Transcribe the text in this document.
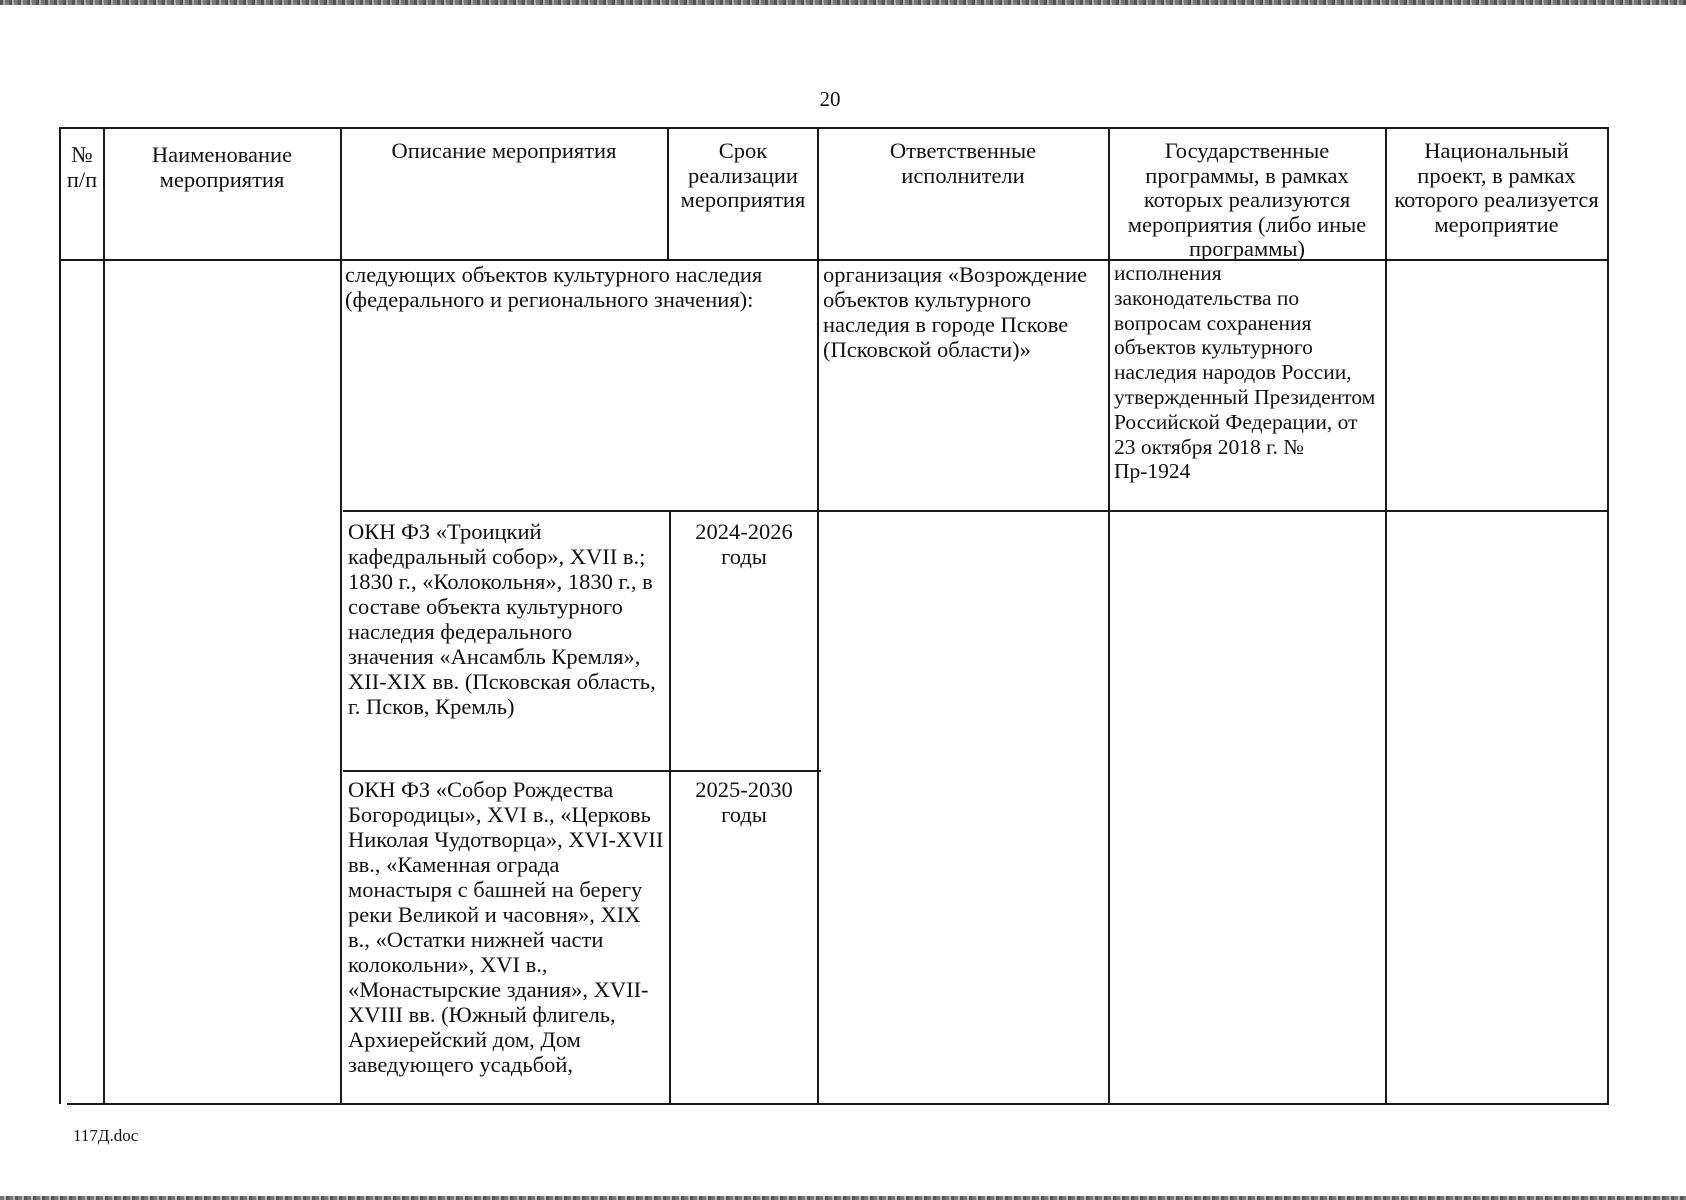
20
№ п/п
Наименование мероприятия
Описание мероприятия	Срок реализации мероприятия
Ответственные исполнители
Государственные программы, в рамках которых реализуются мероприятия (либо иные программы)
Национальный проект, в рамках которого реализуется мероприятие
следующих объектов культурного наследия (федерального и регионального значения):
организация «Возрождение объектов культурного наследия в городе Пскове (Псковской области)»
исполнения законодательства по вопросам сохранения объектов культурного наследия народов России, утвержденный Президентом Российской Федерации, от 23 октября 2018 г. № Пр-1924
ОКН ФЗ «Троицкий кафедральный собор», XVII в.; 1830 г., «Колокольня», 1830 г., в составе объекта культурного наследия федерального значения «Ансамбль Кремля», XII-XIX вв. (Псковская область, г. Псков, Кремль)
2024-2026 годы
ОКН ФЗ «Собор Рождества Богородицы», XVI в., «Церковь Николая Чудотворца», XVI-XVII вв., «Каменная ограда монастыря с башней на берегу реки Великой и часовня», XIX в., «Остатки нижней части колокольни», XVI в., «Монастырские здания», XVII-XVIII вв. (Южный флигель, Архиерейский дом, Дом заведующего усадьбой,
2025-2030 годы
117Д.doc
